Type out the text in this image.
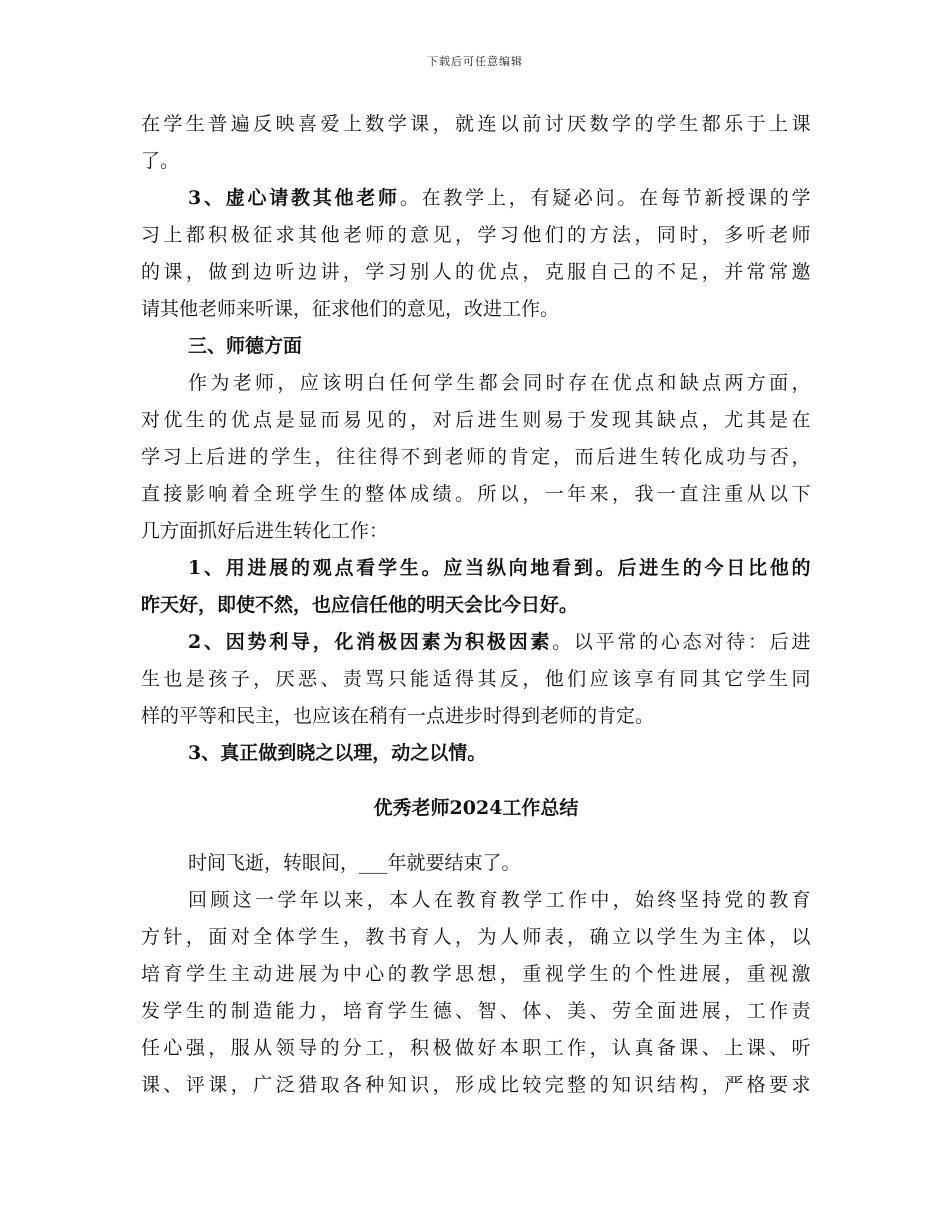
下载后可任意编辑
在学生普遍反映喜爱上数学课，就连以前讨厌数学的学生都乐于上课
了。
3、虚心请教其他老师。在教学上，有疑必问。在每节新授课的学
习上都积极征求其他老师的意见，学习他们的方法，同时，多听老师
的课，做到边听边讲，学习别人的优点，克服自己的不足，并常常邀
请其他老师来听课，征求他们的意见，改进工作。
三、师德方面
作为老师，应该明白任何学生都会同时存在优点和缺点两方面，
对优生的优点是显而易见的，对后进生则易于发现其缺点，尤其是在
学习上后进的学生，往往得不到老师的肯定，而后进生转化成功与否，
直接影响着全班学生的整体成绩。所以，一年来，我一直注重从以下
几方面抓好后进生转化工作：
1、用进展的观点看学生。应当纵向地看到。后进生的今日比他的
昨天好，即使不然，也应信任他的明天会比今日好。
2、因势利导，化消极因素为积极因素。以平常的心态对待：后进
生也是孩子，厌恶、责骂只能适得其反，他们应该享有同其它学生同
样的平等和民主，也应该在稍有一点进步时得到老师的肯定。
3、真正做到晓之以理，动之以情。
优秀老师2024工作总结
时间飞逝，转眼间，___年就要结束了。
回顾这一学年以来，本人在教育教学工作中，始终坚持党的教育
方针，面对全体学生，教书育人，为人师表，确立以学生为主体，以
培育学生主动进展为中心的教学思想，重视学生的个性进展，重视激
发学生的制造能力，培育学生德、智、体、美、劳全面进展，工作责
任心强，服从领导的分工，积极做好本职工作，认真备课、上课、听
课、评课，广泛猎取各种知识，形成比较完整的知识结构，严格要求
